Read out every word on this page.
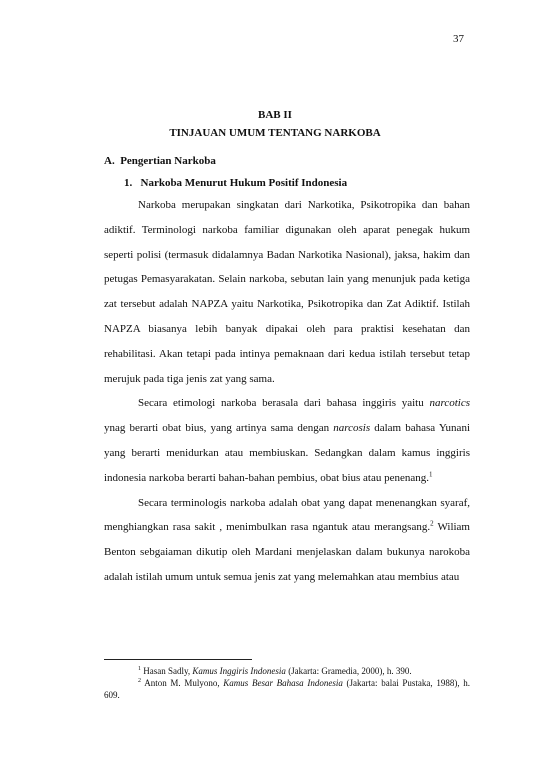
37
BAB II
TINJAUAN UMUM TENTANG NARKOBA
A.  Pengertian Narkoba
1.   Narkoba Menurut Hukum Positif Indonesia

Narkoba merupakan singkatan dari Narkotika, Psikotropika dan bahan adiktif. Terminologi narkoba familiar digunakan oleh aparat penegak hukum seperti polisi (termasuk didalamnya Badan Narkotika Nasional), jaksa, hakim dan petugas Pemasyarakatan. Selain narkoba, sebutan lain yang menunjuk pada ketiga zat tersebut adalah NAPZA yaitu Narkotika, Psikotropika dan Zat Adiktif. Istilah NAPZA biasanya lebih banyak dipakai oleh para praktisi kesehatan dan rehabilitasi. Akan tetapi pada intinya pemaknaan dari kedua istilah tersebut tetap merujuk pada tiga jenis zat yang sama.

Secara etimologi narkoba berasala dari bahasa inggiris yaitu narcotics ynag berarti obat bius, yang artinya sama dengan narcosis dalam bahasa Yunani yang berarti menidurkan atau membiuskan. Sedangkan dalam kamus inggiris indonesia narkoba berarti bahan-bahan pembius, obat bius atau penenang.$^1$

Secara terminologis narkoba adalah obat yang dapat menenangkan syaraf, menghiangkan rasa sakit , menimbulkan rasa ngantuk atau merangsang.$^2$ Wiliam Benton sebgaiaman dikutip oleh Mardani menjelaskan dalam bukunya narokoba adalah istilah umum untuk semua jenis zat yang melemahkan atau membius atau

$^1$ Hasan Sadly, Kamus Inggiris Indonesia (Jakarta: Gramedia, 2000), h. 390.

$^2$ Anton M. Mulyono, Kamus Besar Bahasa Indonesia (Jakarta: balai Pustaka, 1988), h. 609.
